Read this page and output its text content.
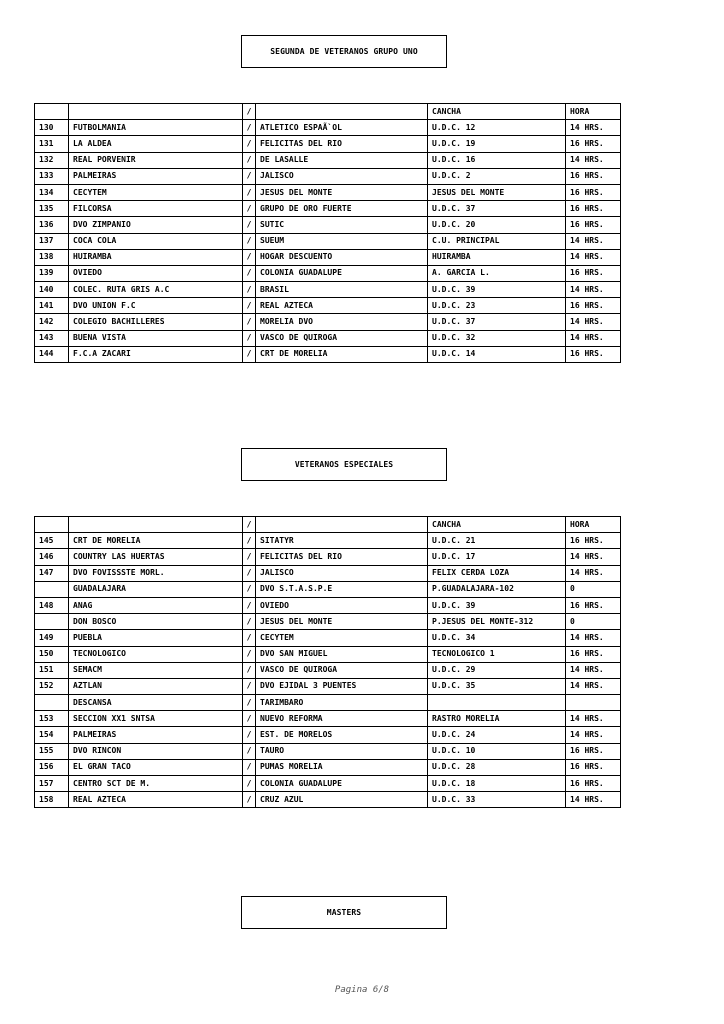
SEGUNDA DE VETERANOS GRUPO UNO
		/		CANCHA	HORA
130	FUTBOLMANIA	/	ATLETICO ESPAÃ`OL	U.D.C. 12	14 HRS.
131	LA ALDEA	/	FELICITAS DEL RIO	U.D.C. 19	16 HRS.
132	REAL PORVENIR	/	DE LASALLE	U.D.C. 16	14 HRS.
133	PALMEIRAS	/	JALISCO	U.D.C. 2	16 HRS.
134	CECYTEM	/	JESUS DEL MONTE	JESUS DEL MONTE	16 HRS.
135	FILCORSA	/	GRUPO DE ORO FUERTE	U.D.C. 37	16 HRS.
136	DVO ZIMPANIO	/	SUTIC	U.D.C. 20	16 HRS.
137	COCA COLA	/	SUEUM	C.U. PRINCIPAL	14 HRS.
138	HUIRAMBA	/	HOGAR DESCUENTO	HUIRAMBA	14 HRS.
139	OVIEDO	/	COLONIA GUADALUPE	A. GARCIA L.	16 HRS.
140	COLEC. RUTA GRIS A.C	/	BRASIL	U.D.C. 39	14 HRS.
141	DVO UNION F.C	/	REAL AZTECA	U.D.C. 23	16 HRS.
142	COLEGIO BACHILLERES	/	MORELIA DVO	U.D.C. 37	14 HRS.
143	BUENA VISTA	/	VASCO DE QUIROGA	U.D.C. 32	14 HRS.
144	F.C.A ZACARI	/	CRT DE MORELIA	U.D.C. 14	16 HRS.
VETERANOS ESPECIALES
		/		CANCHA	HORA
145	CRT DE MORELIA	/	SITATYR	U.D.C. 21	16 HRS.
146	COUNTRY LAS HUERTAS	/	FELICITAS DEL RIO	U.D.C. 17	14 HRS.
147	DVO FOVISSSTE MORL.	/	JALISCO	FELIX CERDA LOZA	14 HRS.
	GUADALAJARA	/	DVO S.T.A.S.P.E	P.GUADALAJARA-102	0
148	ANAG	/	OVIEDO	U.D.C. 39	16 HRS.
	DON BOSCO	/	JESUS DEL MONTE	P.JESUS DEL MONTE-312	0
149	PUEBLA	/	CECYTEM	U.D.C. 34	14 HRS.
150	TECNOLOGICO	/	DVO SAN MIGUEL	TECNOLOGICO 1	16 HRS.
151	SEMACM	/	VASCO DE QUIROGA	U.D.C. 29	14 HRS.
152	AZTLAN	/	DVO EJIDAL 3 PUENTES	U.D.C. 35	14 HRS.
	DESCANSA	/	TARIMBARO		
153	SECCION XX1 SNTSA	/	NUEVO REFORMA	RASTRO MORELIA	14 HRS.
154	PALMEIRAS	/	EST. DE MORELOS	U.D.C. 24	14 HRS.
155	DVO RINCON	/	TAURO	U.D.C. 10	16 HRS.
156	EL GRAN TACO	/	PUMAS MORELIA	U.D.C. 28	16 HRS.
157	CENTRO SCT DE M.	/	COLONIA GUADALUPE	U.D.C. 18	16 HRS.
158	REAL AZTECA	/	CRUZ AZUL	U.D.C. 33	14 HRS.
MASTERS
Pagina 6/8
